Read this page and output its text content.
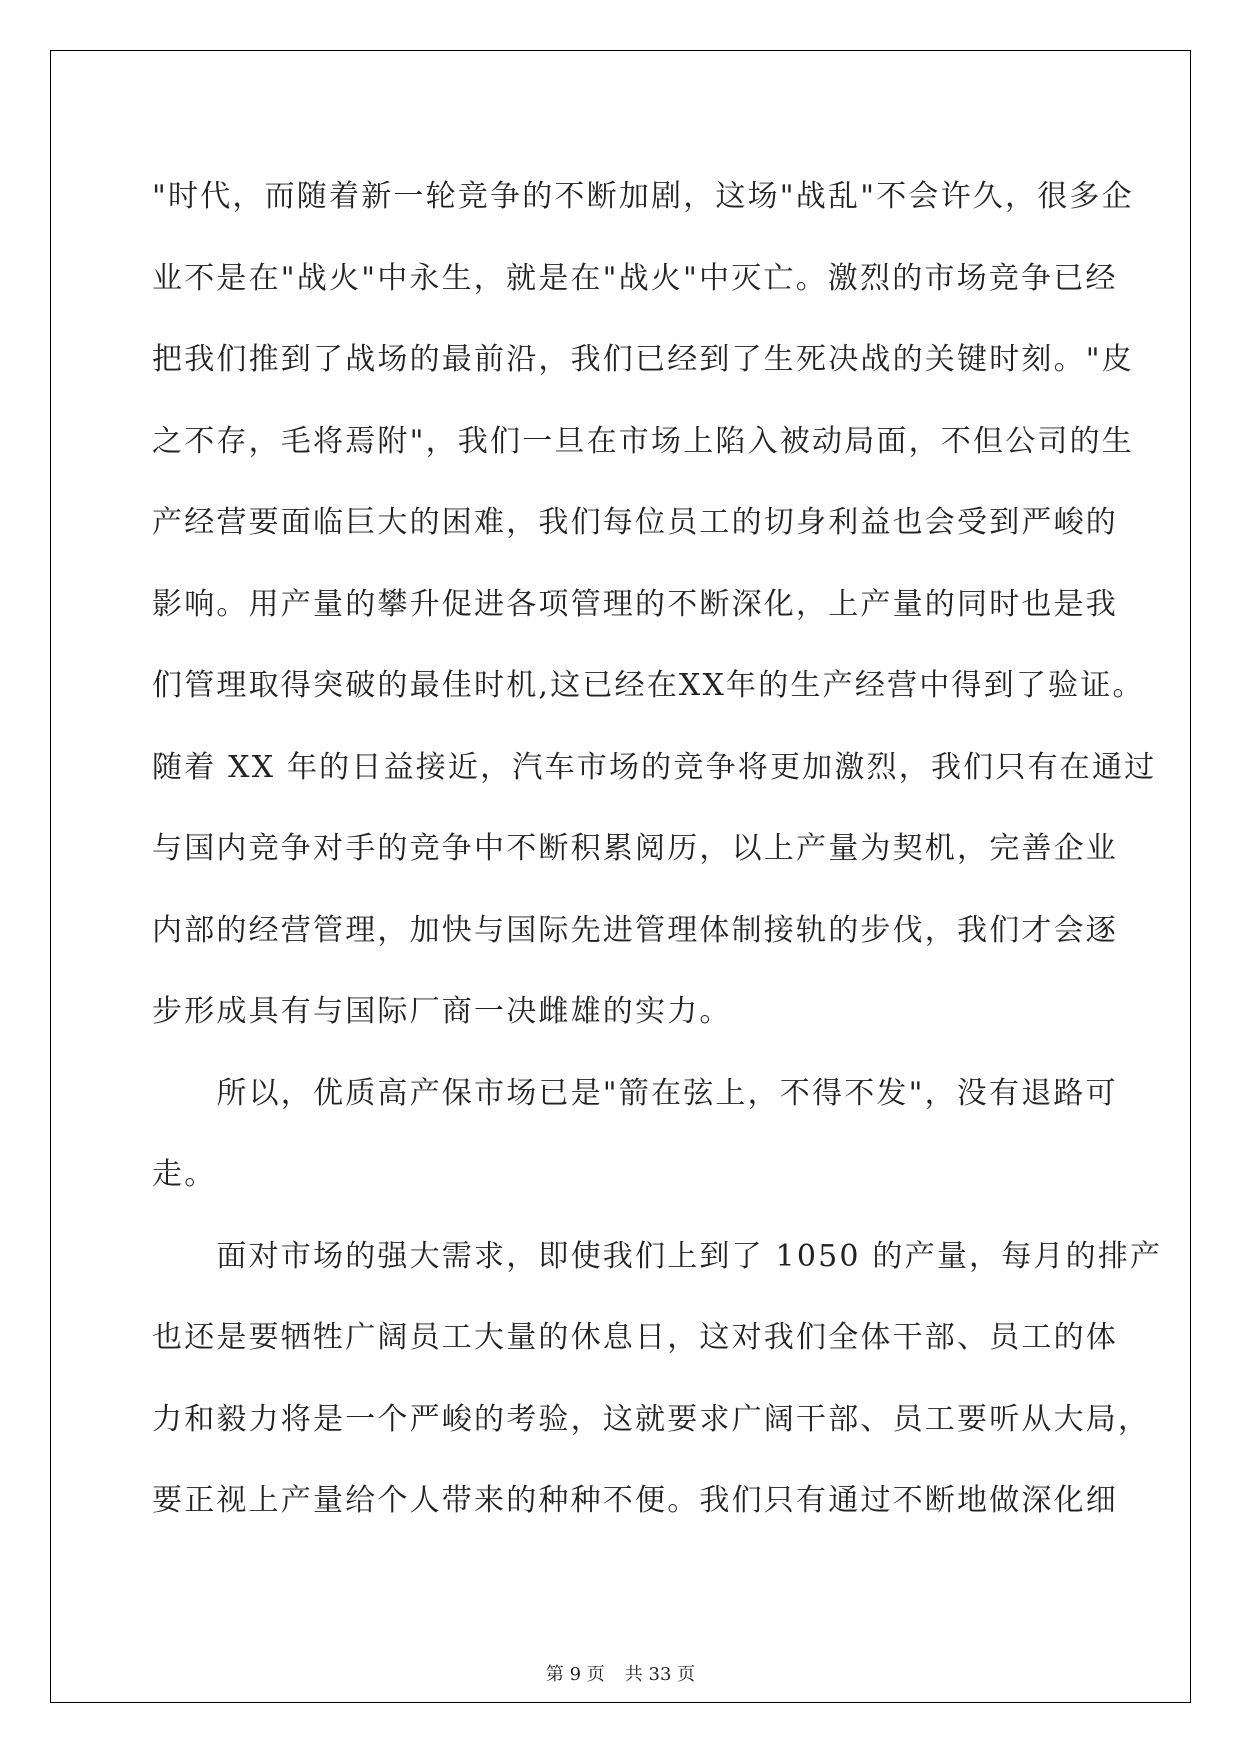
"时代，而随着新一轮竞争的不断加剧，这场"战乱"不会许久，很多企
业不是在"战火"中永生，就是在"战火"中灭亡。激烈的市场竞争已经
把我们推到了战场的最前沿，我们已经到了生死决战的关键时刻。"皮
之不存，毛将焉附"，我们一旦在市场上陷入被动局面，不但公司的生
产经营要面临巨大的困难，我们每位员工的切身利益也会受到严峻的
影响。用产量的攀升促进各项管理的不断深化，上产量的同时也是我
们管理取得突破的最佳时机,这已经在XX年的生产经营中得到了验证。
随着 XX 年的日益接近，汽车市场的竞争将更加激烈，我们只有在通过
与国内竞争对手的竞争中不断积累阅历，以上产量为契机，完善企业
内部的经营管理，加快与国际先进管理体制接轨的步伐，我们才会逐
步形成具有与国际厂商一决雌雄的实力。
　　所以，优质高产保市场已是"箭在弦上，不得不发"，没有退路可
走。
　　面对市场的强大需求，即使我们上到了 1050 的产量，每月的排产
也还是要牺牲广阔员工大量的休息日，这对我们全体干部、员工的体
力和毅力将是一个严峻的考验，这就要求广阔干部、员工要听从大局，
要正视上产量给个人带来的种种不便。我们只有通过不断地做深化细
第 9 页 共 33 页
